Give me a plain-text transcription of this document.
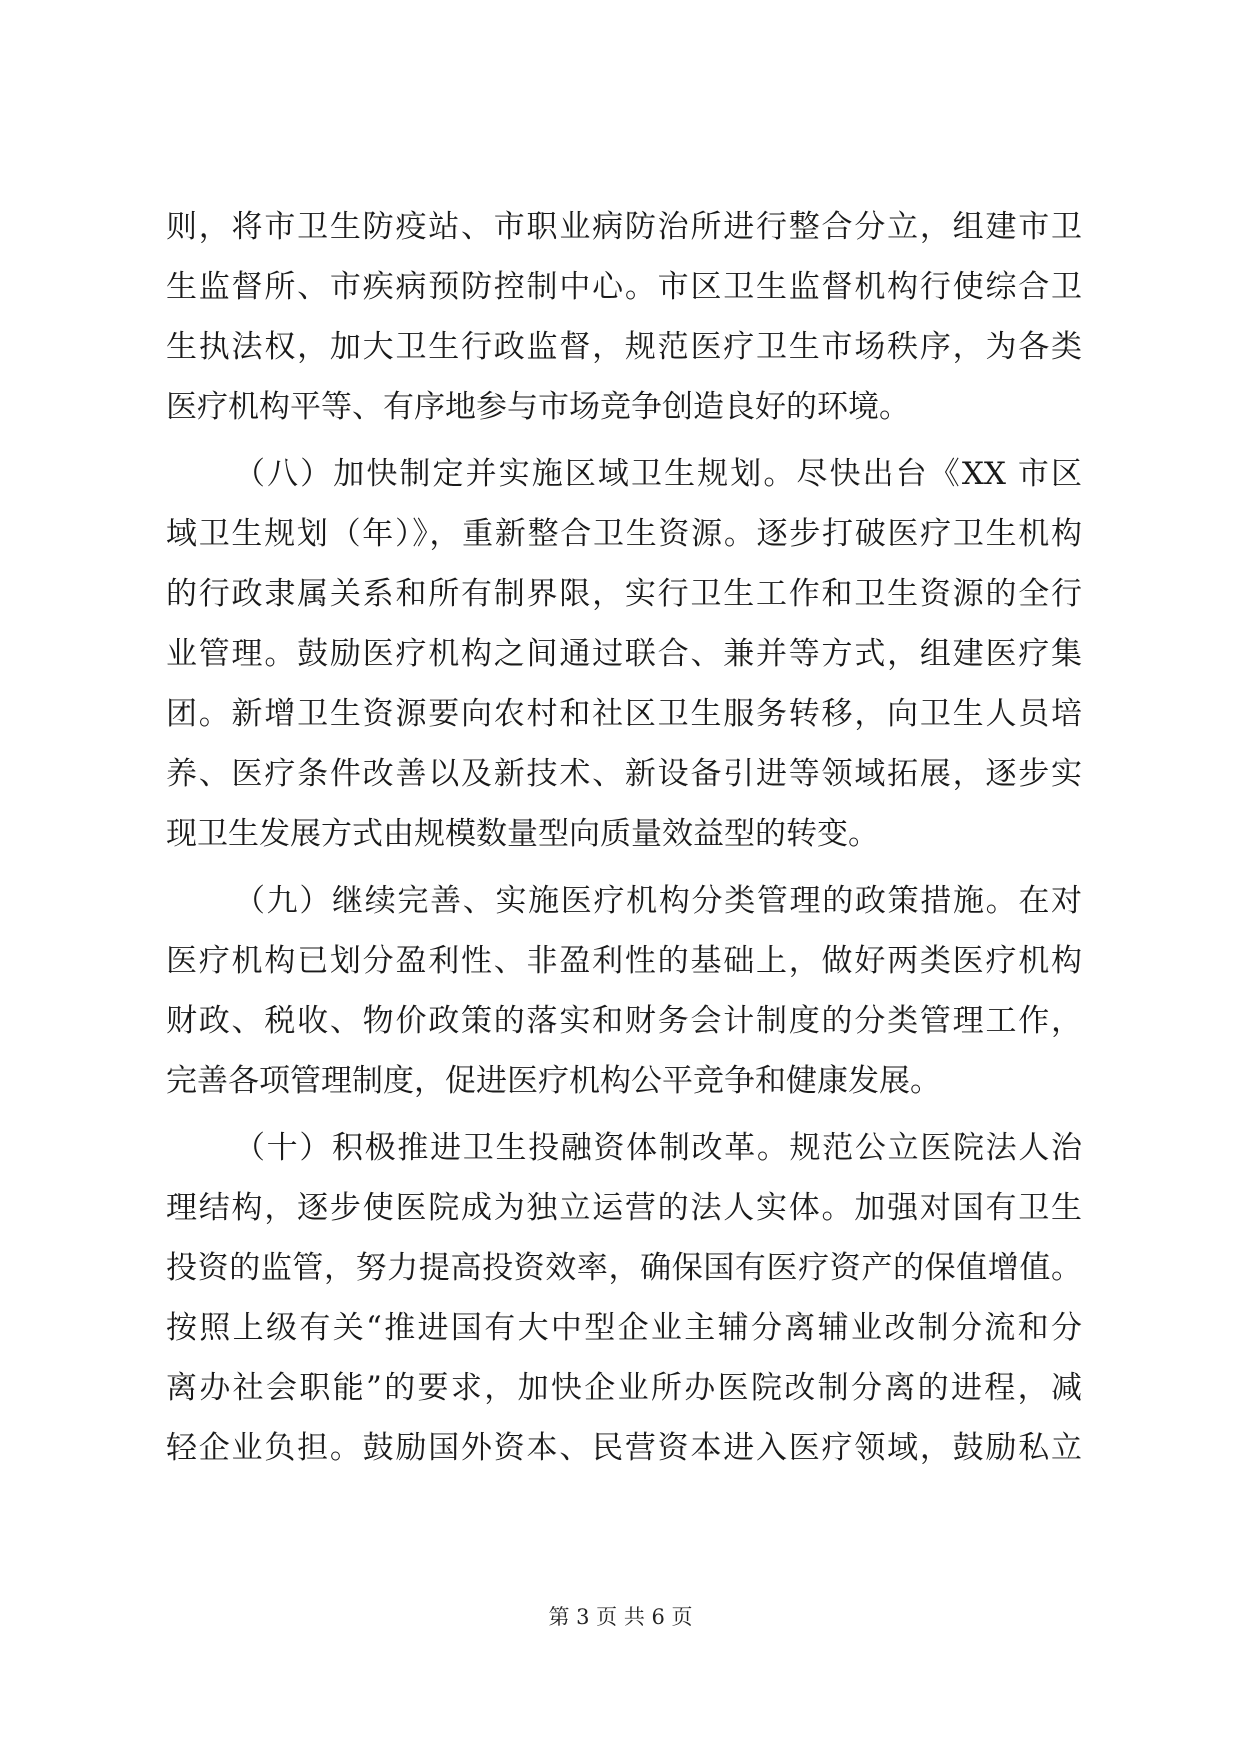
则，将市卫生防疫站、市职业病防治所进行整合分立，组建市卫
生监督所、市疾病预防控制中心。市区卫生监督机构行使综合卫
生执法权，加大卫生行政监督，规范医疗卫生市场秩序，为各类
医疗机构平等、有序地参与市场竞争创造良好的环境。
（八）加快制定并实施区域卫生规划。尽快出台《XX 市区
域卫生规划（年）》，重新整合卫生资源。逐步打破医疗卫生机构
的行政隶属关系和所有制界限，实行卫生工作和卫生资源的全行
业管理。鼓励医疗机构之间通过联合、兼并等方式，组建医疗集
团。新增卫生资源要向农村和社区卫生服务转移，向卫生人员培
养、医疗条件改善以及新技术、新设备引进等领域拓展，逐步实
现卫生发展方式由规模数量型向质量效益型的转变。
（九）继续完善、实施医疗机构分类管理的政策措施。在对
医疗机构已划分盈利性、非盈利性的基础上，做好两类医疗机构
财政、税收、物价政策的落实和财务会计制度的分类管理工作，
完善各项管理制度，促进医疗机构公平竞争和健康发展。
（十）积极推进卫生投融资体制改革。规范公立医院法人治
理结构，逐步使医院成为独立运营的法人实体。加强对国有卫生
投资的监管，努力提高投资效率，确保国有医疗资产的保值增值。
按照上级有关“推进国有大中型企业主辅分离辅业改制分流和分
离办社会职能”的要求，加快企业所办医院改制分离的进程，减
轻企业负担。鼓励国外资本、民营资本进入医疗领域，鼓励私立
第 3 页 共 6 页
